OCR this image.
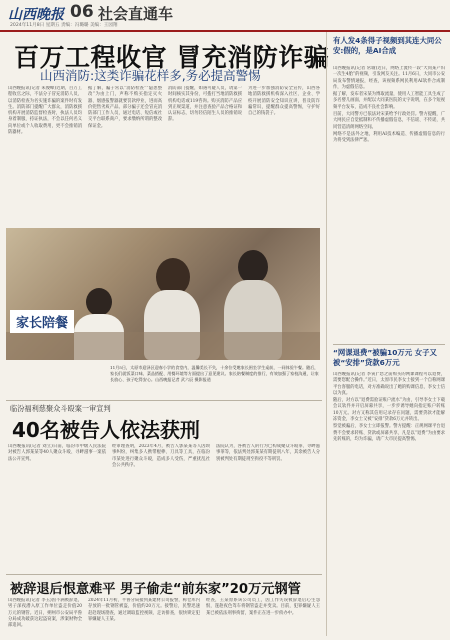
山西晚报 06 社会直通车
2024年11月8日 星期五 责编：冯璐璐 美编：王园翔
百万工程收官 冒充消防诈骗
山西消防:这类诈骗花样多,务必提高警惕
山西晚报讯(记者 朱俊峰)近期，百万工程收官之际，不法分子冒充消防人员、以消防检查为名实施诈骗的案件时有发生。消防部门提醒广大群众，消防救援机构开展消防监督检查时，执法人员均身着制服、持证执法，不会以任何名义向单位或个人收取费用，更不会推销消防器材。
据了解，骗子常以“消防检查”“隐患整改”为由上门，声称不购买指定灭火器、烟感报警器就要罚款停业，进而高价兜售劣质产品。部分骗子还会冒充消防部门工作人员，通过电话、短信或社交平台联系商户，要求缴纳所谓的整改保证金。
消防部门提醒，如遇可疑人员，请第一时间核实其身份，可拨打当地消防救援机构电话或119咨询。购买消防产品应到正规渠道，并注意查验产品合格证和认证标志，切勿轻信陌生人员的推销说辞。
为进一步加强消防安全宣传，山西各地消防救援机构深入社区、企业、学校开展消防安全知识宣讲，普及防诈骗常识，提醒群众提高警惕，守护好自己的钱袋子。
家长陪餐
11月5日，太原市迎泽区迎春小学的食堂内，温馨美长不失，十余位受邀家长围坐学生桌前，一同体验午餐。随后，家长们就饭菜口味、菜品搭配、用餐环境等方面提出了意见建议。家长陪餐制度的推行，有效加强了家校沟通，让家长放心、孩子吃得安心。山西晚报记者 武六辰 摄影报道
临汾福利慈聚众斗殴案一审宣判
40名被告人依法获刑
山西晚报讯(记者 刘立)日前，临汾市中级人民法院对被告人郭某某等40人聚众斗殴、寻衅滋事一案依法公开宣判。
经审理查明，2023年4月，被告人郭某某等人因琐事纠纷，纠集多人携带棍棒、刀具等工具，在临汾市某处进行聚众斗殴，造成多人受伤，严重扰乱社会公共秩序。
法院认为，各被告人的行为已构成聚众斗殴罪、寻衅滋事罪等，依法判处郭某某有期徒刑八年，其余被告人分别被判处有期徒刑至拘役不等刑罚。
被辞退后恨意难平 男子偷走“前东家”20万元钢管
山西晚报讯(记者 李玉)因不满被辞退，男子深夜潜入原工作单位盗走价值20万元的钢管。近日，朔州市公安局平鲁分局成功破获这起盗窃案，涉案财物全部追回。
2024年11月初，平鲁分局接到某建材公司报警，称仓库内存放的一批钢管被盗，价值约20万元。接警后，民警迅速赶赴现场勘查，通过调取监控视频、走访排查，很快锁定犯罪嫌疑人王某。
经查，王某原系该公司员工，因工作失误被辞退后心生怨恨，遂趁夜色驾车将钢管盗走并变卖。目前，犯罪嫌疑人王某已被依法刑事拘留，案件正在进一步侦办中。
有人发4条得子视频到其连大同公安:假的，是AI合成

山西晚报讯(记者 常瑜)近日，网络上流传一段“大同某产妇一次生4胎”的视频，引发网友关注。11月6日，大同市公安局发布警情通报，经查，该视频系网民利用AI软件合成制作，为虚假信息。

据了解，发布者宋某为博取流量，使用人工智能工具生成了多名婴儿画面，并配以大同某医院的文字说明，在多个短视频平台发布，造成不良社会影响。

目前，大同警方已依法对宋某给予行政处罚。警方提醒，广大网民应自觉抵制和不传播虚假信息，不信谣、不传谣，共同营造清朗网络空间。

网络不是法外之地，利用AI技术编造、传播虚假信息的行为将受到法律严惩。

“网课退费”被骗10万元 女子又被“安排”贷款6万元

山西晚报讯(记者 李寅)“您之前购买的网课课程可以退费，需要您配合操作。”近日，太原市民李女士接到一个自称网课平台客服的电话，对方准确说出了她的购课信息，李女士信以为真。

随后，对方以“退费需验证账户流水”为由，引导李女士下载会议软件并开启屏幕共享，一步步诱导她向指定账户转账10万元。对方又称其信用记录存在问题，需要贷款才能解冻资金，李女士又被“安排”贷款6万元并转出。

察觉被骗后，李女士立即报警。警方提醒：正规网课平台退费不会要求转账、贷款或屏幕共享，凡是以“退费”为由要求先转账的，均为诈骗，请广大市民提高警惕。
